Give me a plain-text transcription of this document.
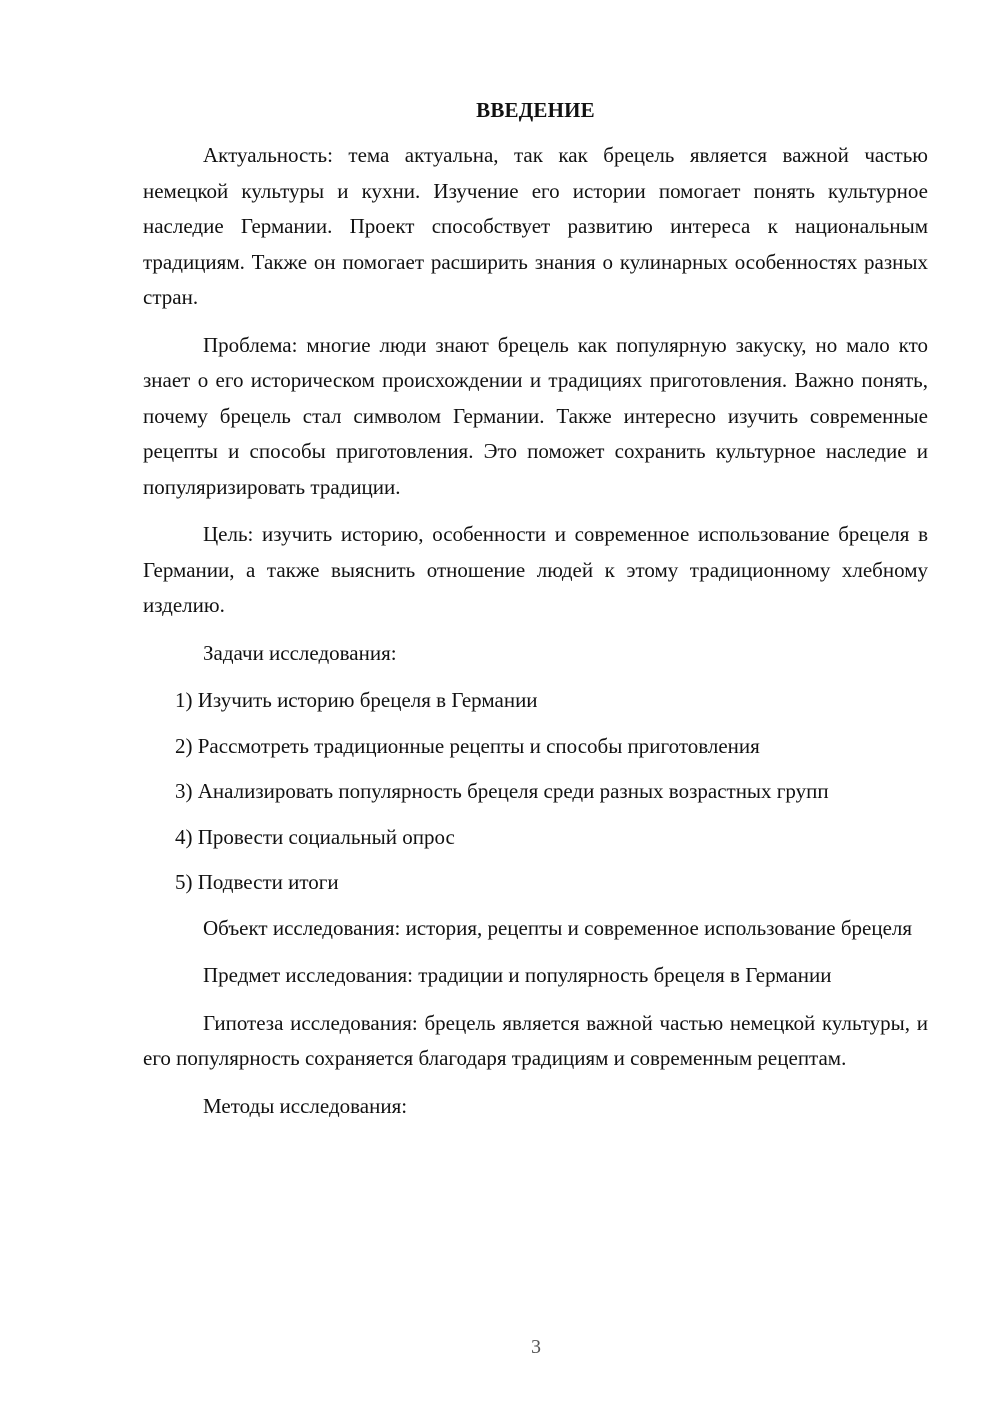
ВВЕДЕНИЕ

Актуальность: тема актуальна, так как брецель является важной частью немецкой культуры и кухни. Изучение его истории помогает понять культурное наследие Германии. Проект способствует развитию интереса к национальным традициям. Также он помогает расширить знания о кулинарных особенностях разных стран.

Проблема: многие люди знают брецель как популярную закуску, но мало кто знает о его историческом происхождении и традициях приготовления. Важно понять, почему брецель стал символом Германии. Также интересно изучить современные рецепты и способы приготовления. Это поможет сохранить культурное наследие и популяризировать традиции.

Цель: изучить историю, особенности и современное использование брецеля в Германии, а также выяснить отношение людей к этому традиционному хлебному изделию.

Задачи исследования:

1) Изучить историю брецеля в Германии

2) Рассмотреть традиционные рецепты и способы приготовления

3) Анализировать популярность брецеля среди разных возрастных групп

4) Провести социальный опрос

5) Подвести итоги

Объект исследования: история, рецепты и современное использование брецеля

Предмет исследования: традиции и популярность брецеля в Германии

Гипотеза исследования: брецель является важной частью немецкой культуры, и его популярность сохраняется благодаря традициям и современным рецептам.

Методы исследования:

3
